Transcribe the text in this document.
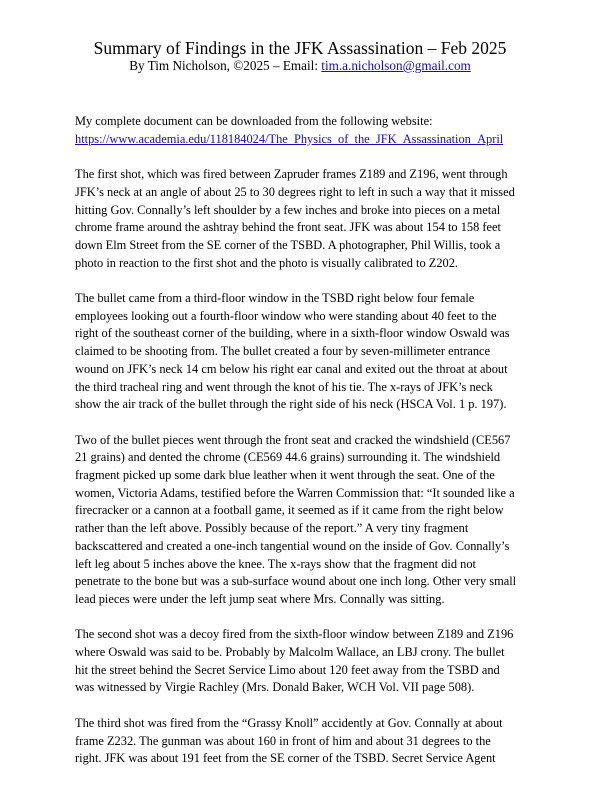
Summary of Findings in the JFK Assassination – Feb 2025
By Tim Nicholson, ©2025 – Email: tim.a.nicholson@gmail.com

My complete document can be downloaded from the following website:
https://www.academia.edu/118184024/The_Physics_of_the_JFK_Assassination_April

The first shot, which was fired between Zapruder frames Z189 and Z196, went through
JFK’s neck at an angle of about 25 to 30 degrees right to left in such a way that it missed
hitting Gov. Connally’s left shoulder by a few inches and broke into pieces on a metal
chrome frame around the ashtray behind the front seat. JFK was about 154 to 158 feet
down Elm Street from the SE corner of the TSBD. A photographer, Phil Willis, took a
photo in reaction to the first shot and the photo is visually calibrated to Z202.

The bullet came from a third-floor window in the TSBD right below four female
employees looking out a fourth-floor window who were standing about 40 feet to the
right of the southeast corner of the building, where in a sixth-floor window Oswald was
claimed to be shooting from. The bullet created a four by seven-millimeter entrance
wound on JFK’s neck 14 cm below his right ear canal and exited out the throat at about
the third tracheal ring and went through the knot of his tie. The x-rays of JFK’s neck
show the air track of the bullet through the right side of his neck (HSCA Vol. 1 p. 197).

Two of the bullet pieces went through the front seat and cracked the windshield (CE567
21 grains) and dented the chrome (CE569 44.6 grains) surrounding it. The windshield
fragment picked up some dark blue leather when it went through the seat. One of the
women, Victoria Adams, testified before the Warren Commission that: “It sounded like a
firecracker or a cannon at a football game, it seemed as if it came from the right below
rather than the left above. Possibly because of the report.” A very tiny fragment
backscattered and created a one-inch tangential wound on the inside of Gov. Connally’s
left leg about 5 inches above the knee. The x-rays show that the fragment did not
penetrate to the bone but was a sub-surface wound about one inch long. Other very small
lead pieces were under the left jump seat where Mrs. Connally was sitting.

The second shot was a decoy fired from the sixth-floor window between Z189 and Z196
where Oswald was said to be. Probably by Malcolm Wallace, an LBJ crony. The bullet
hit the street behind the Secret Service Limo about 120 feet away from the TSBD and
was witnessed by Virgie Rachley (Mrs. Donald Baker, WCH Vol. VII page 508).

The third shot was fired from the “Grassy Knoll” accidently at Gov. Connally at about
frame Z232. The gunman was about 160 in front of him and about 31 degrees to the
right. JFK was about 191 feet from the SE corner of the TSBD. Secret Service Agent
